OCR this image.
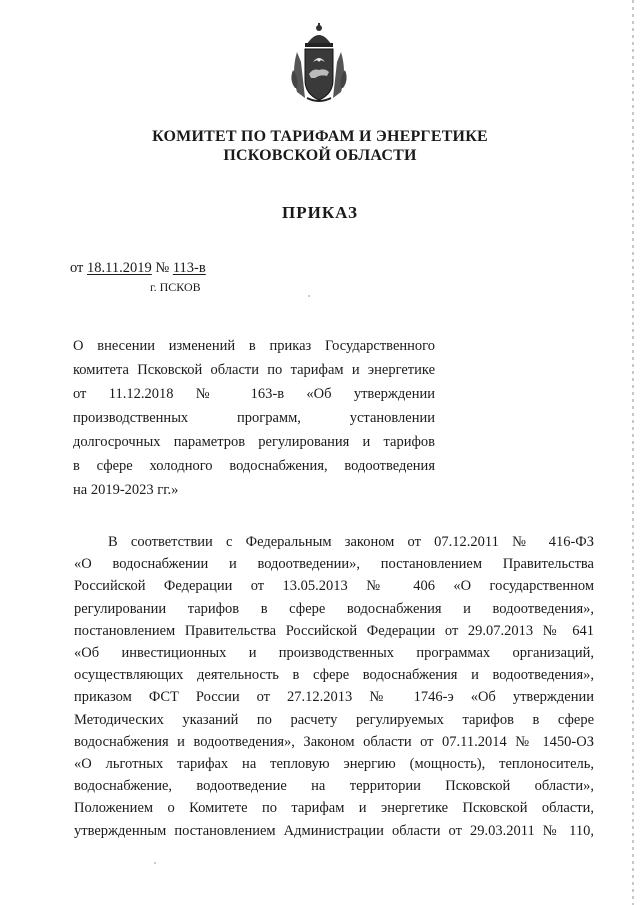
КОМИТЕТ ПО ТАРИФАМ И ЭНЕРГЕТИКЕ
ПСКОВСКОЙ ОБЛАСТИ
ПРИКАЗ
от 18.11.2019 № 113-в
г. ПСКОВ
О внесении изменений в приказ Государственного
комитета Псковской области по тарифам и энергетике
от 11.12.2018 № 163-в «Об утверждении
производственных программ, установлении
долгосрочных параметров регулирования и тарифов
в сфере холодного водоснабжения, водоотведения
на 2019-2023 гг.»
В соответствии с Федеральным законом от 07.12.2011 № 416-ФЗ
«О водоснабжении и водоотведении», постановлением Правительства
Российской Федерации от 13.05.2013 № 406 «О государственном
регулировании тарифов в сфере водоснабжения и водоотведения»,
постановлением Правительства Российской Федерации от 29.07.2013 № 641
«Об инвестиционных и производственных программах организаций,
осуществляющих деятельность в сфере водоснабжения и водоотведения»,
приказом ФСТ России от 27.12.2013 № 1746-э «Об утверждении
Методических указаний по расчету регулируемых тарифов в сфере
водоснабжения и водоотведения», Законом области от 07.11.2014 № 1450-ОЗ
«О льготных тарифах на тепловую энергию (мощность), теплоноситель,
водоснабжение, водоотведение на территории Псковской области»,
Положением о Комитете по тарифам и энергетике Псковской области,
утвержденным постановлением Администрации области от 29.03.2011 № 110,
